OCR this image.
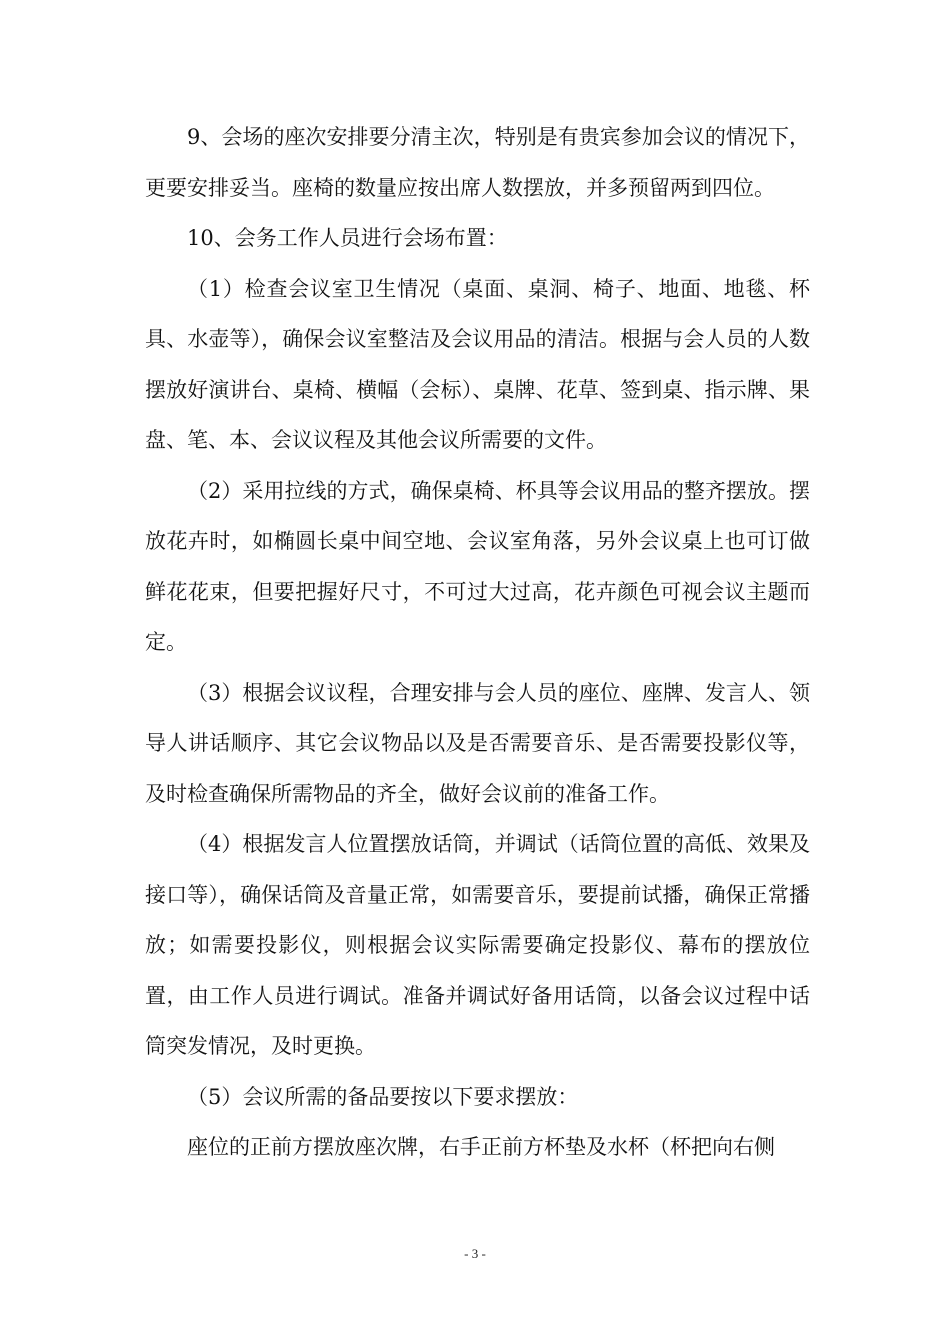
9、会场的座次安排要分清主次，特别是有贵宾参加会议的情况下，更要安排妥当。座椅的数量应按出席人数摆放，并多预留两到四位。

10、会务工作人员进行会场布置：

（1）检查会议室卫生情况（桌面、桌洞、椅子、地面、地毯、杯具、水壶等），确保会议室整洁及会议用品的清洁。根据与会人员的人数摆放好演讲台、桌椅、横幅（会标）、桌牌、花草、签到桌、指示牌、果盘、笔、本、会议议程及其他会议所需要的文件。

（2）采用拉线的方式，确保桌椅、杯具等会议用品的整齐摆放。摆放花卉时，如椭圆长桌中间空地、会议室角落，另外会议桌上也可订做鲜花花束，但要把握好尺寸，不可过大过高，花卉颜色可视会议主题而定。

（3）根据会议议程，合理安排与会人员的座位、座牌、发言人、领导人讲话顺序、其它会议物品以及是否需要音乐、是否需要投影仪等，及时检查确保所需物品的齐全，做好会议前的准备工作。

（4）根据发言人位置摆放话筒，并调试（话筒位置的高低、效果及接口等），确保话筒及音量正常，如需要音乐，要提前试播，确保正常播放；如需要投影仪，则根据会议实际需要确定投影仪、幕布的摆放位置，由工作人员进行调试。准备并调试好备用话筒，以备会议过程中话筒突发情况，及时更换。

（5）会议所需的备品要按以下要求摆放：

座位的正前方摆放座次牌，右手正前方杯垫及水杯（杯把向右侧

- 3 -
